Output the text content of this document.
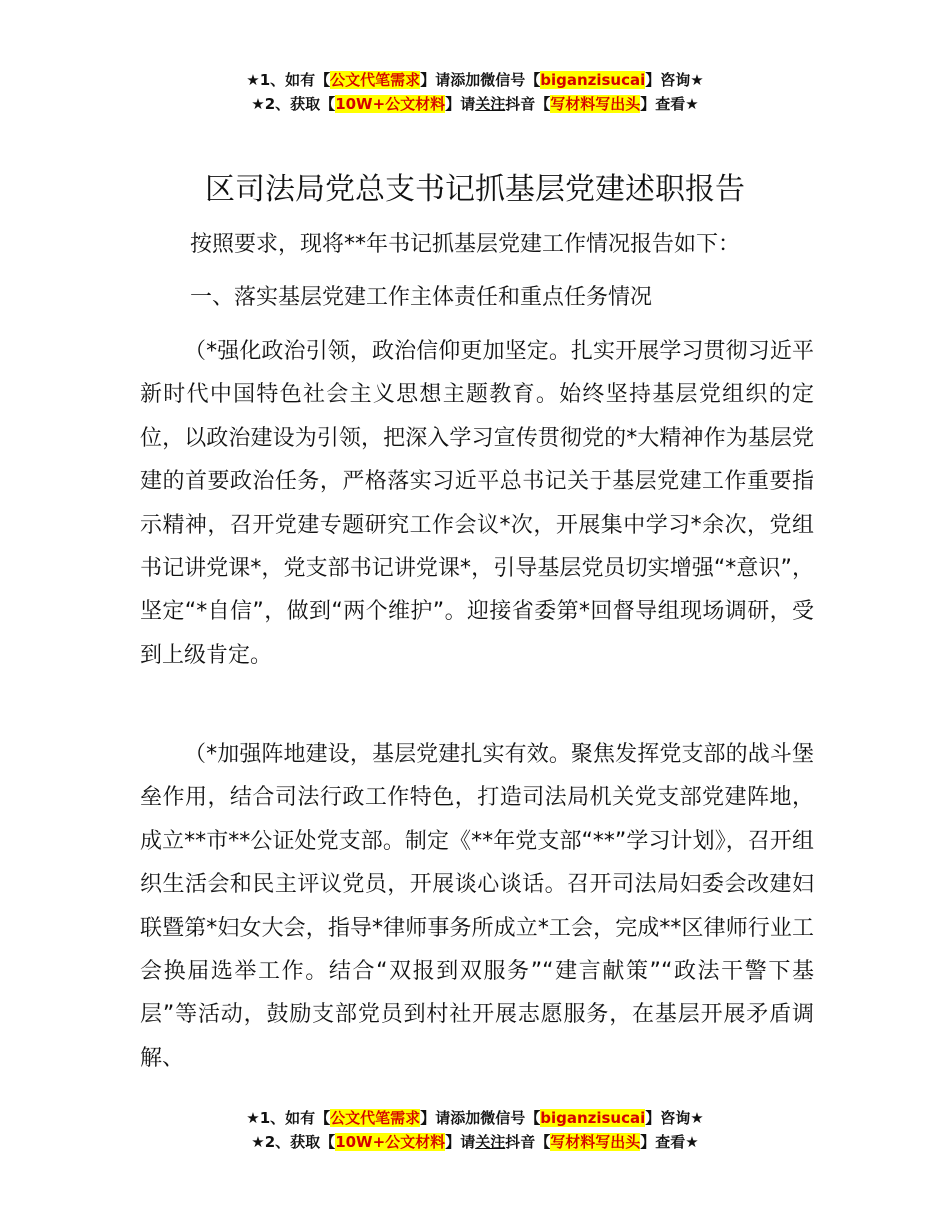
★1、如有【公文代笔需求】请添加微信号【biganzisucai】咨询★
★2、获取【10W+公文材料】请关注抖音【写材料写出头】查看★
区司法局党总支书记抓基层党建述职报告
按照要求，现将**年书记抓基层党建工作情况报告如下：
一、落实基层党建工作主体责任和重点任务情况

（*强化政治引领，政治信仰更加坚定。扎实开展学习贯彻习近平新时代中国特色社会主义思想主题教育。始终坚持基层党组织的定位，以政治建设为引领，把深入学习宣传贯彻党的*大精神作为基层党建的首要政治任务，严格落实习近平总书记关于基层党建工作重要指示精神，召开党建专题研究工作会议*次，开展集中学习*余次，党组书记讲党课*，党支部书记讲党课*，引导基层党员切实增强“*意识”，坚定“*自信”，做到“两个维护”。迎接省委第*回督导组现场调研，受到上级肯定。

（*加强阵地建设，基层党建扎实有效。聚焦发挥党支部的战斗堡垒作用，结合司法行政工作特色，打造司法局机关党支部党建阵地，成立**市**公证处党支部。制定《**年党支部“**”学习计划》，召开组织生活会和民主评议党员，开展谈心谈话。召开司法局妇委会改建妇联暨第*妇女大会，指导*律师事务所成立*工会，完成**区律师行业工会换届选举工作。结合“双报到双服务”“建言献策”“政法干警下基层”等活动，鼓励支部党员到村社开展志愿服务，在基层开展矛盾调解、

★1、如有【公文代笔需求】请添加微信号【biganzisucai】咨询★
★2、获取【10W+公文材料】请关注抖音【写材料写出头】查看★
